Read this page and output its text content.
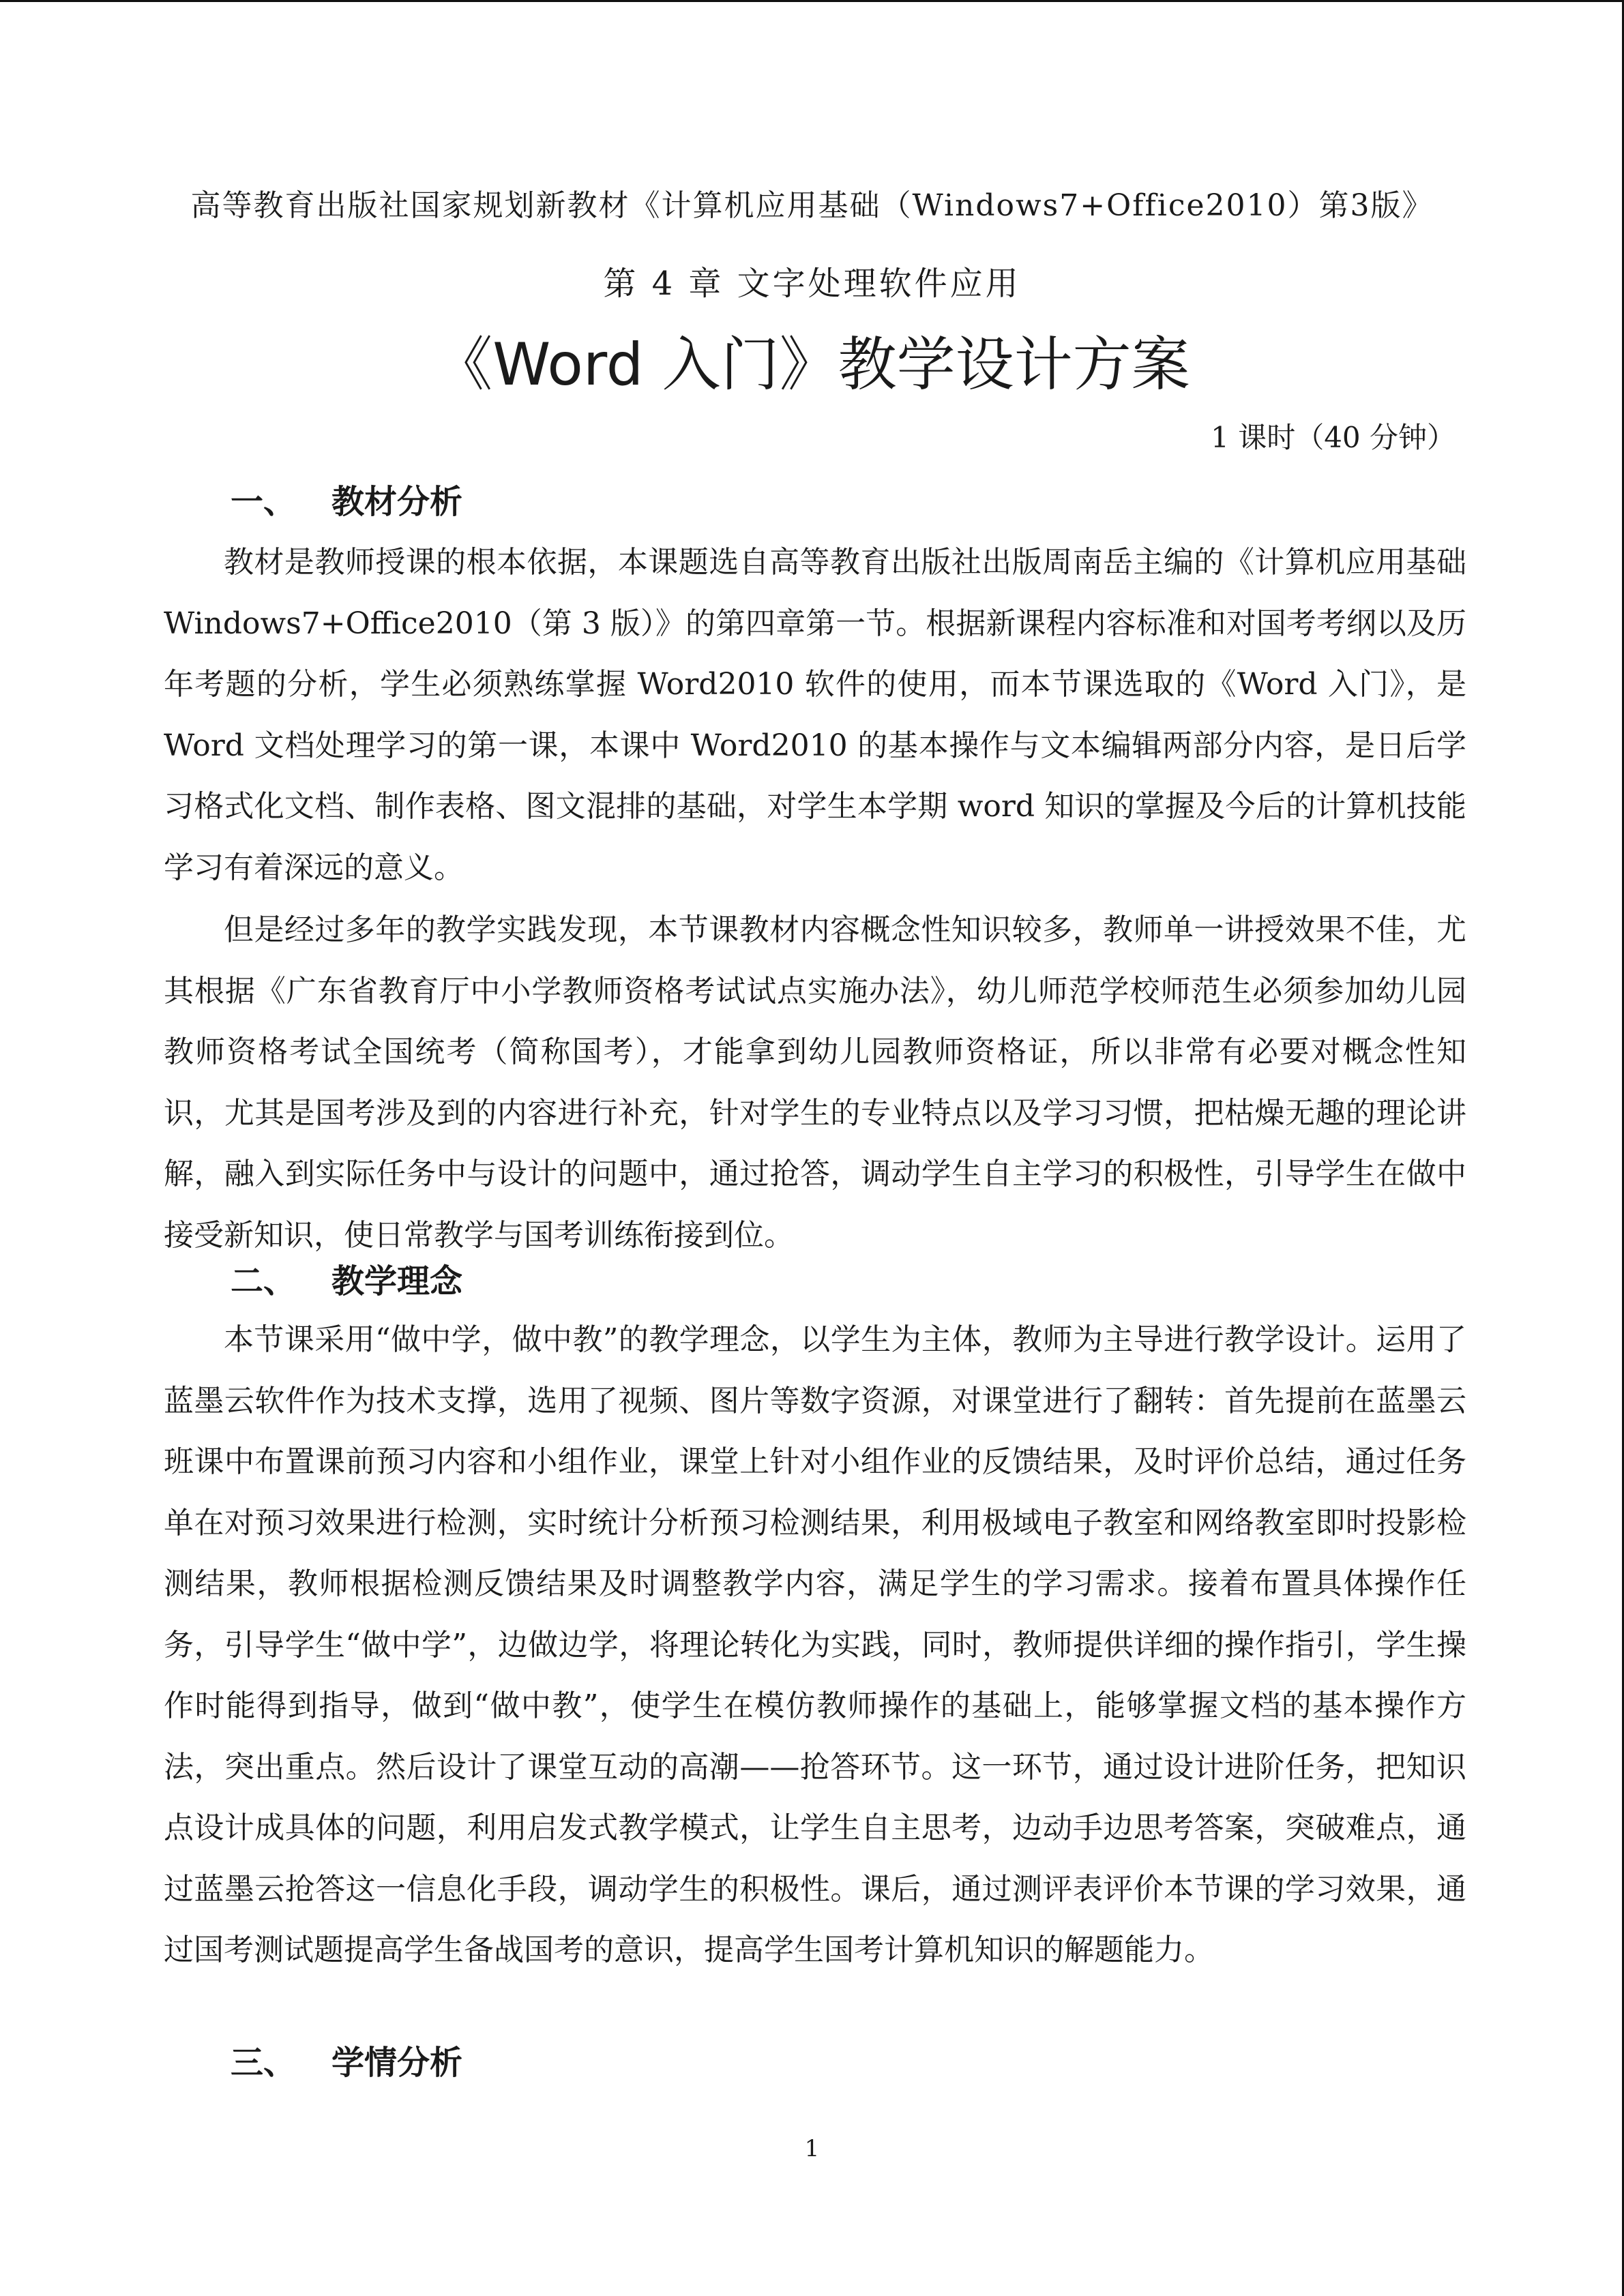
高等教育出版社国家规划新教材《计算机应用基础（Windows7+Office2010）第3版》
第 4 章 文字处理软件应用
《Word 入门》教学设计方案
1 课时（40 分钟）
一、 教材分析
教材是教师授课的根本依据，本课题选自高等教育出版社出版周南岳主编的《计算机应用基础 Windows7+Office2010（第 3 版）》的第四章第一节。根据新课程内容标准和对国考考纲以及历年考题的分析，学生必须熟练掌握 Word2010 软件的使用，而本节课选取的《Word 入门》，是 Word 文档处理学习的第一课，本课中 Word2010 的基本操作与文本编辑两部分内容，是日后学习格式化文档、制作表格、图文混排的基础，对学生本学期 word 知识的掌握及今后的计算机技能学习有着深远的意义。
但是经过多年的教学实践发现，本节课教材内容概念性知识较多，教师单一讲授效果不佳，尤其根据《广东省教育厅中小学教师资格考试试点实施办法》，幼儿师范学校师范生必须参加幼儿园教师资格考试全国统考（简称国考），才能拿到幼儿园教师资格证，所以非常有必要对概念性知识，尤其是国考涉及到的内容进行补充，针对学生的专业特点以及学习习惯，把枯燥无趣的理论讲解，融入到实际任务中与设计的问题中，通过抢答，调动学生自主学习的积极性，引导学生在做中接受新知识，使日常教学与国考训练衔接到位。
二、 教学理念
本节课采用“做中学，做中教”的教学理念，以学生为主体，教师为主导进行教学设计。运用了蓝墨云软件作为技术支撑，选用了视频、图片等数字资源，对课堂进行了翻转：首先提前在蓝墨云班课中布置课前预习内容和小组作业，课堂上针对小组作业的反馈结果，及时评价总结，通过任务单在对预习效果进行检测，实时统计分析预习检测结果，利用极域电子教室和网络教室即时投影检测结果，教师根据检测反馈结果及时调整教学内容，满足学生的学习需求。接着布置具体操作任务，引导学生“做中学”，边做边学，将理论转化为实践，同时，教师提供详细的操作指引，学生操作时能得到指导，做到“做中教”，使学生在模仿教师操作的基础上，能够掌握文档的基本操作方法，突出重点。然后设计了课堂互动的高潮——抢答环节。这一环节，通过设计进阶任务，把知识点设计成具体的问题，利用启发式教学模式，让学生自主思考，边动手边思考答案，突破难点，通过蓝墨云抢答这一信息化手段，调动学生的积极性。课后，通过测评表评价本节课的学习效果，通过国考测试题提高学生备战国考的意识，提高学生国考计算机知识的解题能力。
三、 学情分析
1
